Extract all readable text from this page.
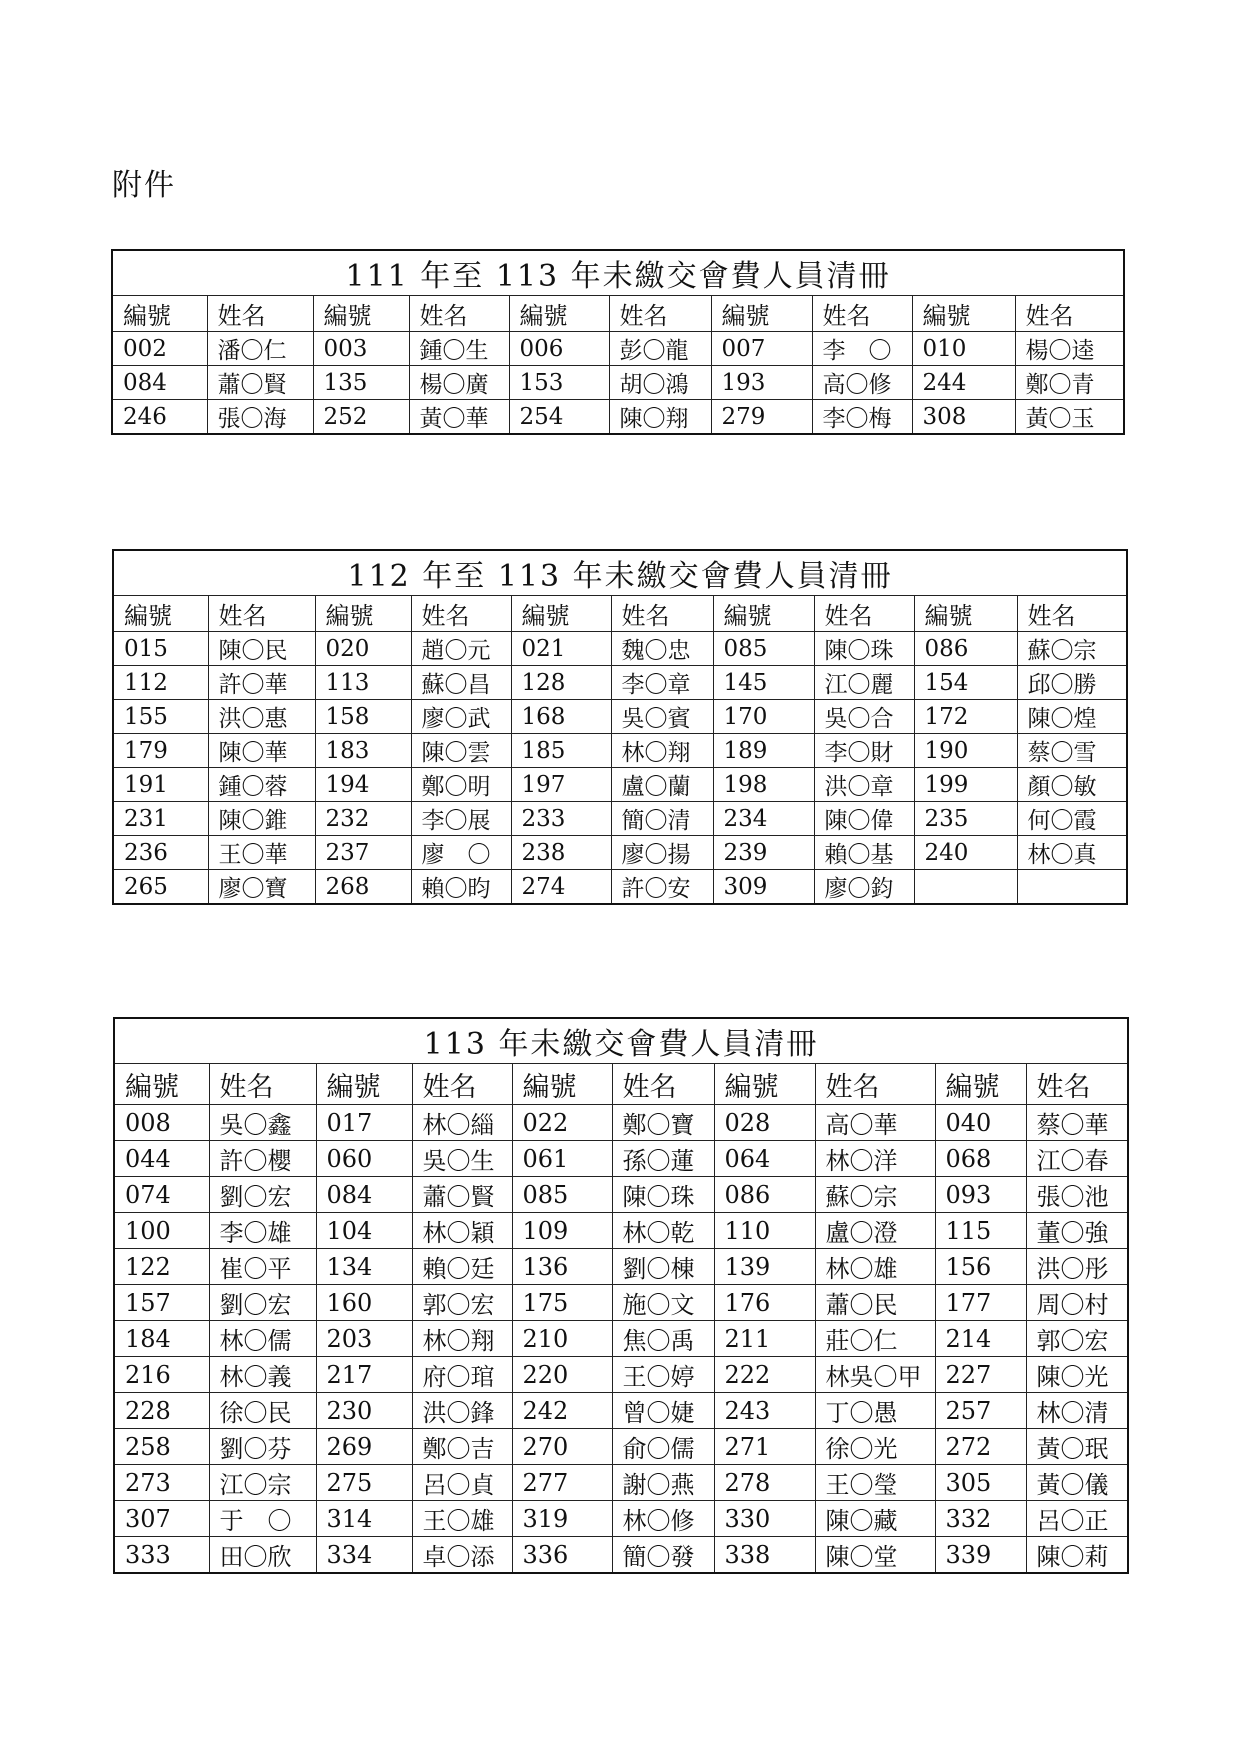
附件
111 年至 113 年未繳交會費人員清冊									
編號	姓名	編號	姓名	編號	姓名	編號	姓名	編號	姓名
002	潘〇仁	003	鍾〇生	006	彭〇龍	007	李　〇	010	楊〇逵
084	蕭〇賢	135	楊〇廣	153	胡〇鴻	193	高〇修	244	鄭〇青
246	張〇海	252	黃〇華	254	陳〇翔	279	李〇梅	308	黃〇玉
112 年至 113 年未繳交會費人員清冊									
編號	姓名	編號	姓名	編號	姓名	編號	姓名	編號	姓名
015	陳〇民	020	趙〇元	021	魏〇忠	085	陳〇珠	086	蘇〇宗
112	許〇華	113	蘇〇昌	128	李〇章	145	江〇麗	154	邱〇勝
155	洪〇惠	158	廖〇武	168	吳〇賓	170	吳〇合	172	陳〇煌
179	陳〇華	183	陳〇雲	185	林〇翔	189	李〇財	190	蔡〇雪
191	鍾〇蓉	194	鄭〇明	197	盧〇蘭	198	洪〇章	199	顏〇敏
231	陳〇錐	232	李〇展	233	簡〇清	234	陳〇偉	235	何〇霞
236	王〇華	237	廖　〇	238	廖〇揚	239	賴〇基	240	林〇真
265	廖〇寶	268	賴〇昀	274	許〇安	309	廖〇鈞		
113 年未繳交會費人員清冊									
編號	姓名	編號	姓名	編號	姓名	編號	姓名	編號	姓名
008	吳〇鑫	017	林〇緇	022	鄭〇寶	028	高〇華	040	蔡〇華
044	許〇櫻	060	吳〇生	061	孫〇蓮	064	林〇洋	068	江〇春
074	劉〇宏	084	蕭〇賢	085	陳〇珠	086	蘇〇宗	093	張〇池
100	李〇雄	104	林〇穎	109	林〇乾	110	盧〇澄	115	董〇強
122	崔〇平	134	賴〇廷	136	劉〇棟	139	林〇雄	156	洪〇彤
157	劉〇宏	160	郭〇宏	175	施〇文	176	蕭〇民	177	周〇村
184	林〇儒	203	林〇翔	210	焦〇禹	211	莊〇仁	214	郭〇宏
216	林〇義	217	府〇琯	220	王〇婷	222	林吳〇甲	227	陳〇光
228	徐〇民	230	洪〇鋒	242	曾〇婕	243	丁〇愚	257	林〇清
258	劉〇芬	269	鄭〇吉	270	俞〇儒	271	徐〇光	272	黃〇珉
273	江〇宗	275	呂〇貞	277	謝〇燕	278	王〇瑩	305	黃〇儀
307	于　〇	314	王〇雄	319	林〇修	330	陳〇藏	332	呂〇正
333	田〇欣	334	卓〇添	336	簡〇發	338	陳〇堂	339	陳〇莉
